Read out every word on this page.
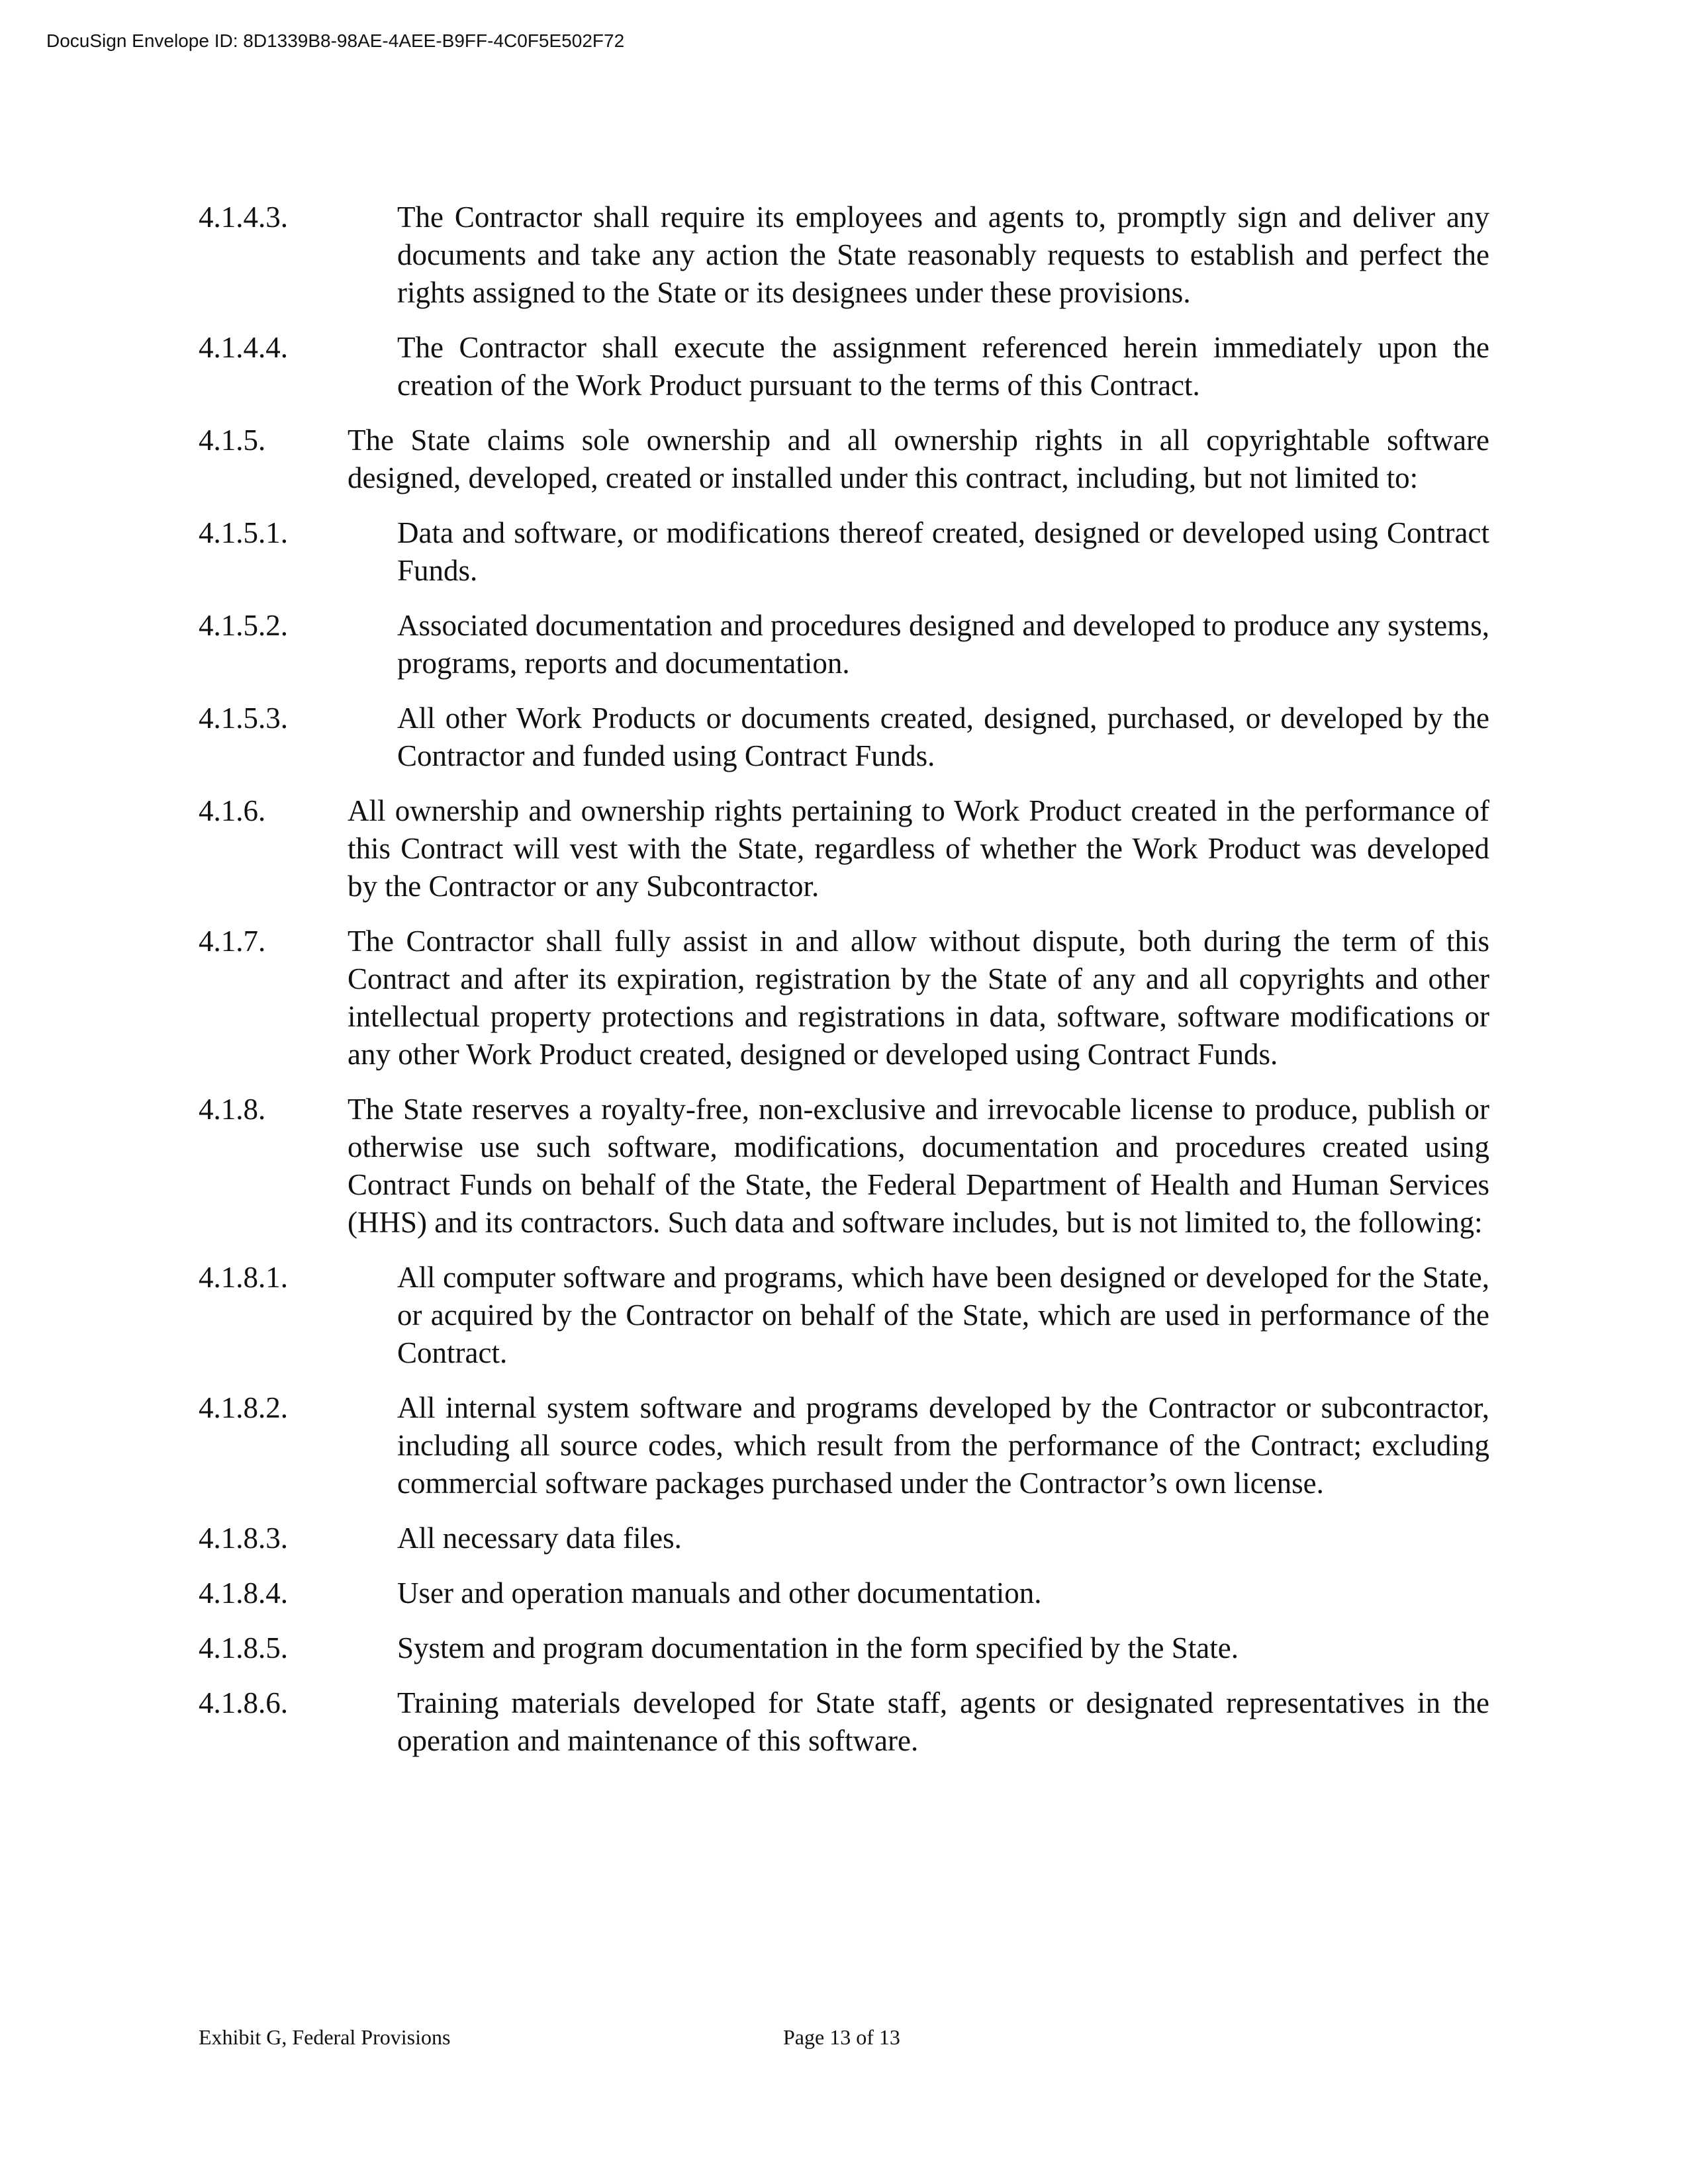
DocuSign Envelope ID: 8D1339B8-98AE-4AEE-B9FF-4C0F5E502F72
4.1.4.3.	The Contractor shall require its employees and agents to, promptly sign and deliver any documents and take any action the State reasonably requests to establish and perfect the rights assigned to the State or its designees under these provisions.
4.1.4.4.	The Contractor shall execute the assignment referenced herein immediately upon the creation of the Work Product pursuant to the terms of this Contract.
4.1.5.	The State claims sole ownership and all ownership rights in all copyrightable software designed, developed, created or installed under this contract, including, but not limited to:
4.1.5.1.	Data and software, or modifications thereof created, designed or developed using Contract Funds.
4.1.5.2.	Associated documentation and procedures designed and developed to produce any systems, programs, reports and documentation.
4.1.5.3.	All other Work Products or documents created, designed, purchased, or developed by the Contractor and funded using Contract Funds.
4.1.6.	All ownership and ownership rights pertaining to Work Product created in the performance of this Contract will vest with the State, regardless of whether the Work Product was developed by the Contractor or any Subcontractor.
4.1.7.	The Contractor shall fully assist in and allow without dispute, both during the term of this Contract and after its expiration, registration by the State of any and all copyrights and other intellectual property protections and registrations in data, software, software modifications or any other Work Product created, designed or developed using Contract Funds.
4.1.8.	The State reserves a royalty-free, non-exclusive and irrevocable license to produce, publish or otherwise use such software, modifications, documentation and procedures created using Contract Funds on behalf of the State, the Federal Department of Health and Human Services (HHS) and its contractors. Such data and software includes, but is not limited to, the following:
4.1.8.1.	All computer software and programs, which have been designed or developed for the State, or acquired by the Contractor on behalf of the State, which are used in performance of the Contract.
4.1.8.2.	All internal system software and programs developed by the Contractor or subcontractor, including all source codes, which result from the performance of the Contract; excluding commercial software packages purchased under the Contractor’s own license.
4.1.8.3.	All necessary data files.
4.1.8.4.	User and operation manuals and other documentation.
4.1.8.5.	System and program documentation in the form specified by the State.
4.1.8.6.	Training materials developed for State staff, agents or designated representatives in the operation and maintenance of this software.
Exhibit G, Federal Provisions	Page 13 of 13
